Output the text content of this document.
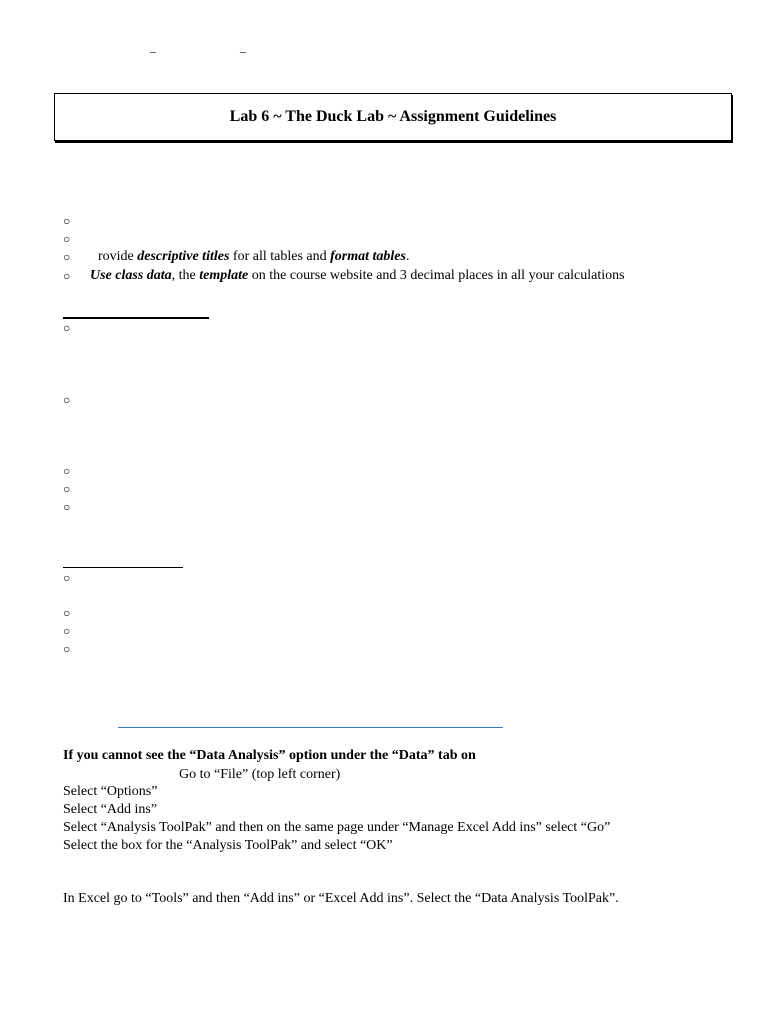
–	–
Lab 6 ~ The Duck Lab ~ Assignment Guidelines
○
○
○
○
rovide descriptive titles for all tables and format tables.
Use class data, the template on the course website and 3 decimal places in all your calculations
○
○
○
○
○
○
○
○
○
If you cannot see the “Data Analysis” option under the “Data” tab on
Go to “File” (top left corner)
Select “Options”
Select “Add ins”
Select “Analysis ToolPak” and then on the same page under “Manage Excel Add ins” select “Go”
Select the box for the “Analysis ToolPak” and select “OK”
In Excel go to “Tools” and then “Add ins” or “Excel Add ins”. Select the “Data Analysis ToolPak”.
